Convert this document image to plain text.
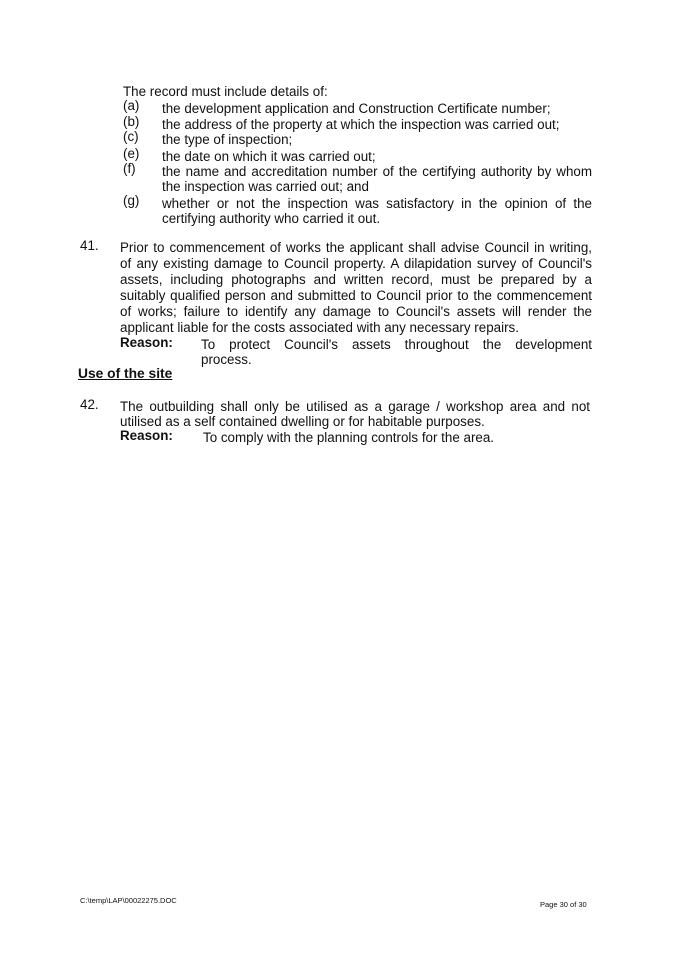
The record must include details of:
(a) the development application and Construction Certificate number;
(b) the address of the property at which the inspection was carried out;
(c) the type of inspection;
(e) the date on which it was carried out;
(f) the name and accreditation number of the certifying authority by whom
the inspection was carried out; and
(g) whether or not the inspection was satisfactory in the opinion of the
certifying authority who carried it out.
41. Prior to commencement of works the applicant shall advise Council in writing,
of any existing damage to Council property. A dilapidation survey of Council's
assets, including photographs and written record, must be prepared by a
suitably qualified person and submitted to Council prior to the commencement
of works; failure to identify any damage to Council's assets will render the
applicant liable for the costs associated with any necessary repairs.
Reason: To protect Council's assets throughout the development
process.
Use of the site
42. The outbuilding shall only be utilised as a garage / workshop area and not
utilised as a self contained dwelling or for habitable purposes.
Reason: To comply with the planning controls for the area.
C:\temp\LAP\00022275.DOC	Page 30 of 30
